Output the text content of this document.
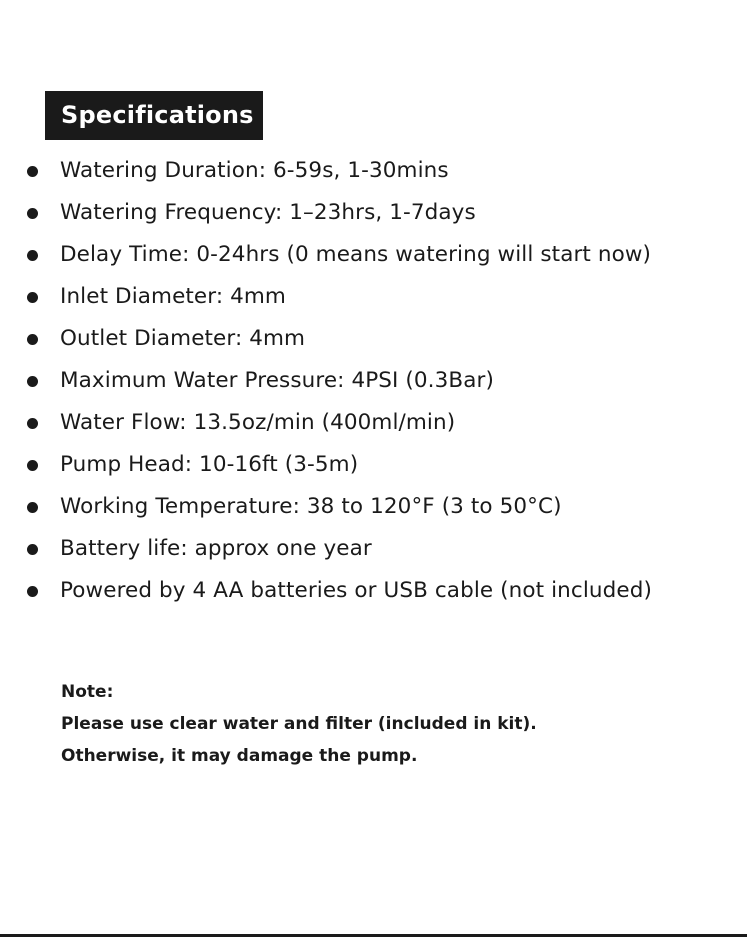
Specifications
Watering Duration: 6-59s, 1-30mins
Watering Frequency: 1–23hrs, 1-7days
Delay Time: 0-24hrs (0 means watering will start now)
Inlet Diameter: 4mm
Outlet Diameter: 4mm
Maximum Water Pressure: 4PSI (0.3Bar)
Water Flow: 13.5oz/min (400ml/min)
Pump Head: 10-16ft (3-5m)
Working Temperature: 38 to 120°F (3 to 50°C)
Battery life: approx one year
Powered by 4 AA batteries or USB cable (not included)
Note:
Please use clear water and filter (included in kit).
Otherwise, it may damage the pump.
